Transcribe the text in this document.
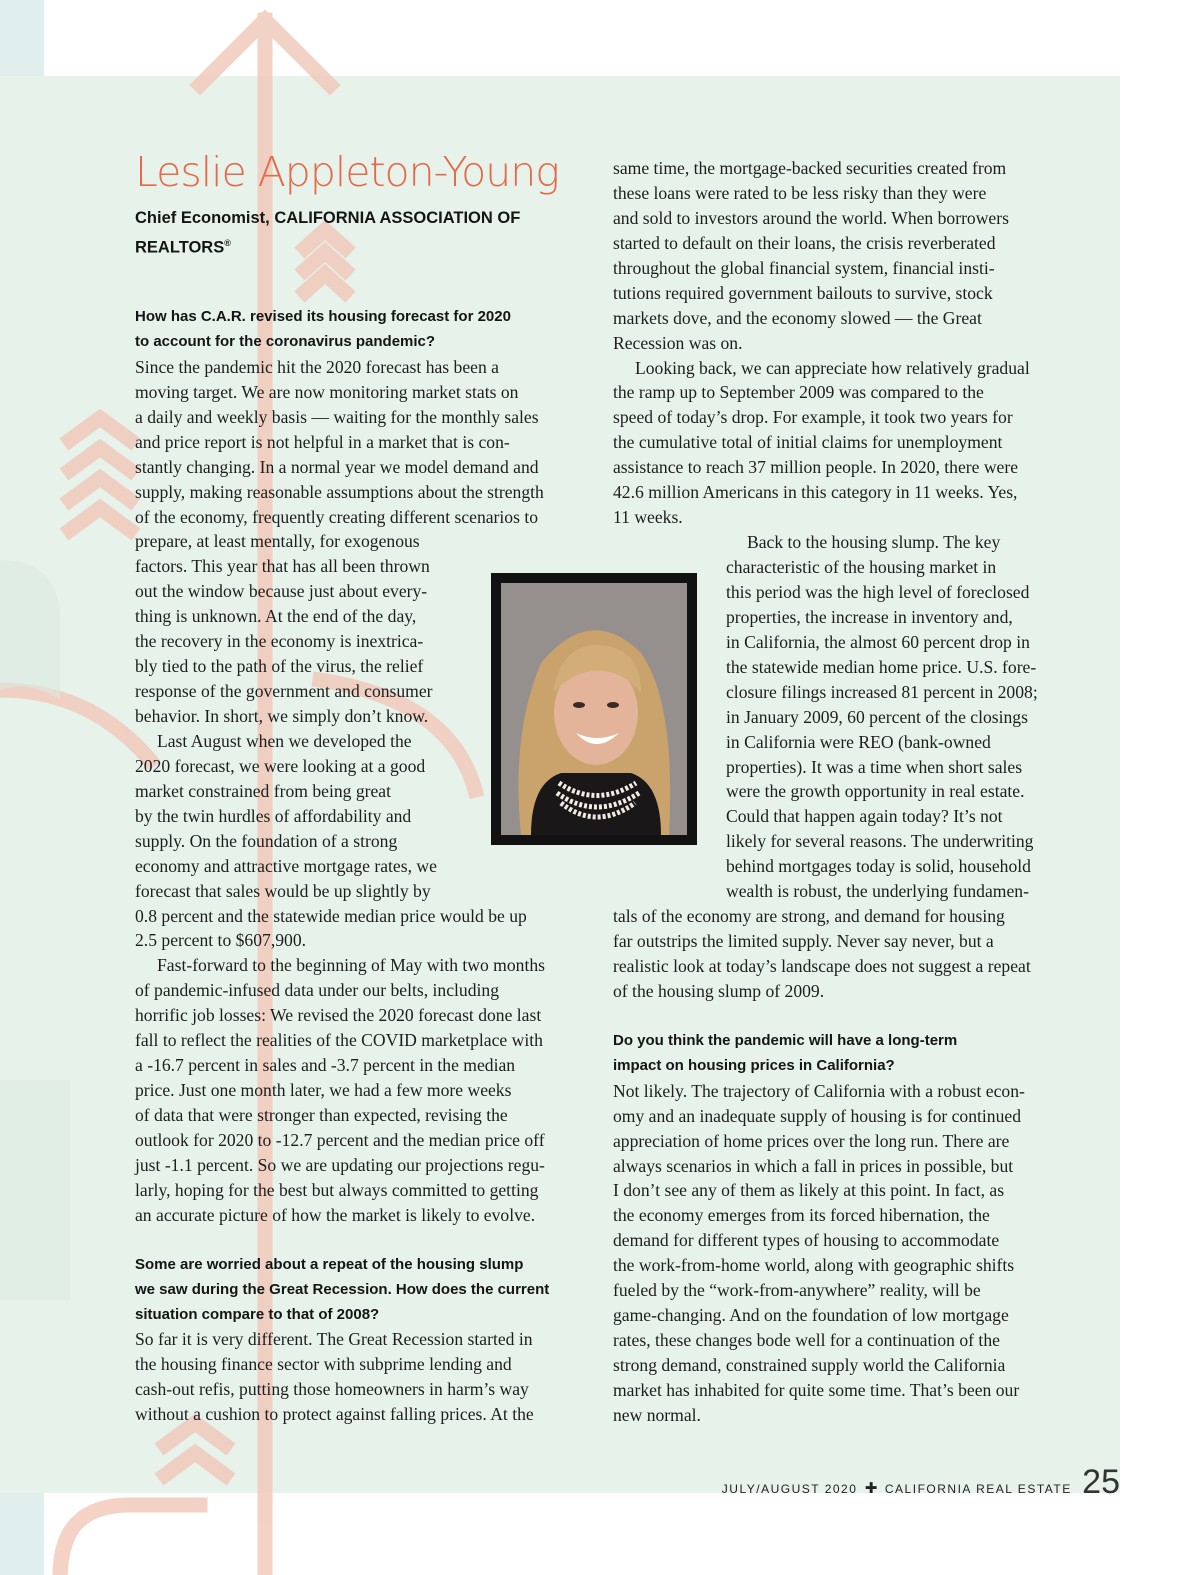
Leslie Appleton-Young

Chief Economist, CALIFORNIA ASSOCIATION OF REALTORS®

How has C.A.R. revised its housing forecast for 2020
to account for the coronavirus pandemic?
Since the pandemic hit the 2020 forecast has been a
moving target. We are now monitoring market stats on
a daily and weekly basis — waiting for the monthly sales
and price report is not helpful in a market that is con-
stantly changing. In a normal year we model demand and
supply, making reasonable assumptions about the strength
of the economy, frequently creating different scenarios to
prepare, at least mentally, for exogenous
factors. This year that has all been thrown
out the window because just about every-
thing is unknown. At the end of the day,
the recovery in the economy is inextrica-
bly tied to the path of the virus, the relief
response of the government and consumer
behavior. In short, we simply don’t know.
Last August when we developed the
2020 forecast, we were looking at a good
market constrained from being great
by the twin hurdles of affordability and
supply. On the foundation of a strong
economy and attractive mortgage rates, we
forecast that sales would be up slightly by
0.8 percent and the statewide median price would be up
2.5 percent to $607,900.
Fast-forward to the beginning of May with two months
of pandemic-infused data under our belts, including
horrific job losses: We revised the 2020 forecast done last
fall to reflect the realities of the COVID marketplace with
a -16.7 percent in sales and -3.7 percent in the median
price. Just one month later, we had a few more weeks
of data that were stronger than expected, revising the
outlook for 2020 to -12.7 percent and the median price off
just -1.1 percent. So we are updating our projections regu-
larly, hoping for the best but always committed to getting
an accurate picture of how the market is likely to evolve.
Some are worried about a repeat of the housing slump
we saw during the Great Recession. How does the current
situation compare to that of 2008?
So far it is very different. The Great Recession started in
the housing finance sector with subprime lending and
cash-out refis, putting those homeowners in harm’s way
without a cushion to protect against falling prices. At the
same time, the mortgage-backed securities created from
these loans were rated to be less risky than they were
and sold to investors around the world. When borrowers
started to default on their loans, the crisis reverberated
throughout the global financial system, financial insti-
tutions required government bailouts to survive, stock
markets dove, and the economy slowed — the Great
Recession was on.
Looking back, we can appreciate how relatively gradual
the ramp up to September 2009 was compared to the
speed of today’s drop. For example, it took two years for
the cumulative total of initial claims for unemployment
assistance to reach 37 million people. In 2020, there were
42.6 million Americans in this category in 11 weeks. Yes,
11 weeks.
Back to the housing slump. The key
characteristic of the housing market in
this period was the high level of foreclosed
properties, the increase in inventory and,
in California, the almost 60 percent drop in
the statewide median home price. U.S. fore-
closure filings increased 81 percent in 2008;
in January 2009, 60 percent of the closings
in California were REO (bank-owned
properties). It was a time when short sales
were the growth opportunity in real estate.
Could that happen again today? It’s not
likely for several reasons. The underwriting
behind mortgages today is solid, household
wealth is robust, the underlying fundamen-
tals of the economy are strong, and demand for housing
far outstrips the limited supply. Never say never, but a
realistic look at today’s landscape does not suggest a repeat
of the housing slump of 2009.
Do you think the pandemic will have a long-term
impact on housing prices in California?
Not likely. The trajectory of California with a robust econ-
omy and an inadequate supply of housing is for continued
appreciation of home prices over the long run. There are
always scenarios in which a fall in prices in possible, but
I don’t see any of them as likely at this point. In fact, as
the economy emerges from its forced hibernation, the
demand for different types of housing to accommodate
the work-from-home world, along with geographic shifts
fueled by the “work-from-anywhere” reality, will be
game-changing. And on the foundation of low mortgage
rates, these changes bode well for a continuation of the
strong demand, constrained supply world the California
market has inhabited for quite some time. That’s been our
new normal.
JULY/AUGUST 2020 ✚ CALIFORNIA REAL ESTATE 25
